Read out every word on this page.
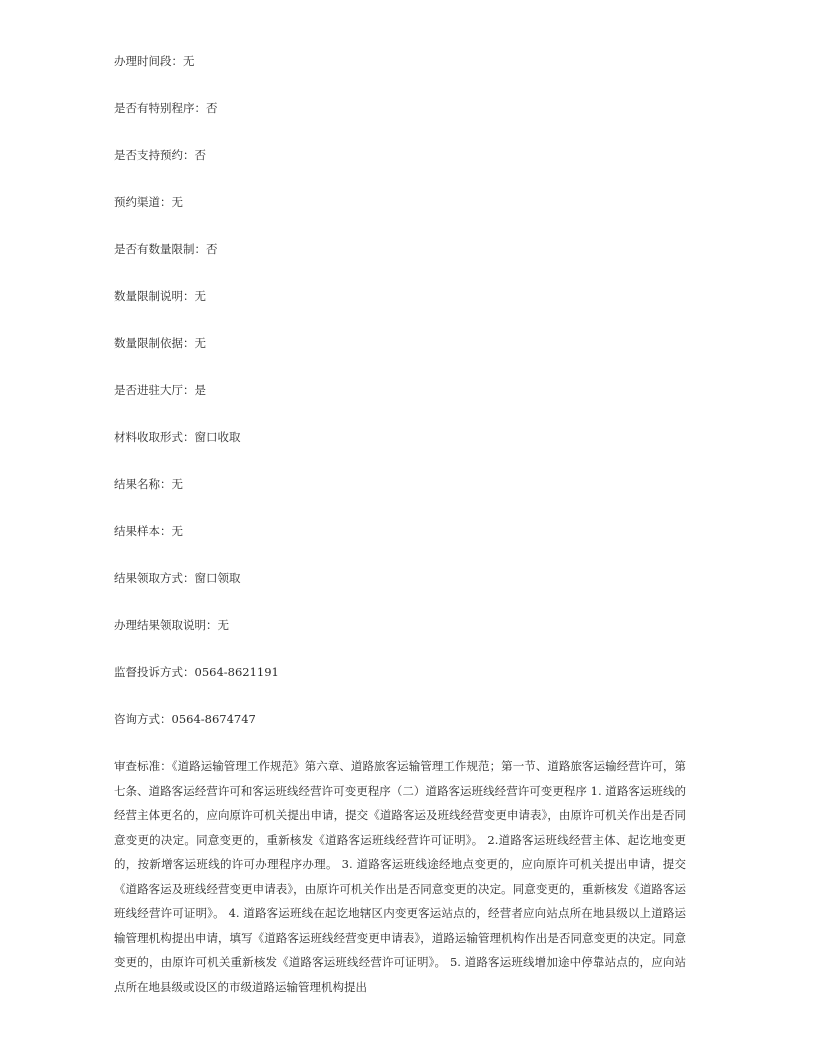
办理时间段：无

是否有特别程序：否

是否支持预约：否

预约渠道：无

是否有数量限制：否

数量限制说明：无

数量限制依据：无

是否进驻大厅：是

材料收取形式：窗口收取

结果名称：无

结果样本：无

结果领取方式：窗口领取

办理结果领取说明：无

监督投诉方式：0564-8621191

咨询方式：0564-8674747

审查标准：《道路运输管理工作规范》第六章、道路旅客运输管理工作规范；第一节、道路旅客运输经营许可，第七条、道路客运经营许可和客运班线经营许可变更程序（二）道路客运班线经营许可变更程序 1. 道路客运班线的经营主体更名的，应向原许可机关提出申请，提交《道路客运及班线经营变更申请表》，由原许可机关作出是否同意变更的决定。同意变更的，重新核发《道路客运班线经营许可证明》。 2.道路客运班线经营主体、起讫地变更的，按新增客运班线的许可办理程序办理。 3. 道路客运班线途经地点变更的，应向原许可机关提出申请，提交《道路客运及班线经营变更申请表》，由原许可机关作出是否同意变更的决定。同意变更的，重新核发《道路客运班线经营许可证明》。 4. 道路客运班线在起讫地辖区内变更客运站点的，经营者应向站点所在地县级以上道路运输管理机构提出申请，填写《道路客运班线经营变更申请表》，道路运输管理机构作出是否同意变更的决定。同意变更的，由原许可机关重新核发《道路客运班线经营许可证明》。 5. 道路客运班线增加途中停靠站点的，应向站点所在地县级或设区的市级道路运输管理机构提出
